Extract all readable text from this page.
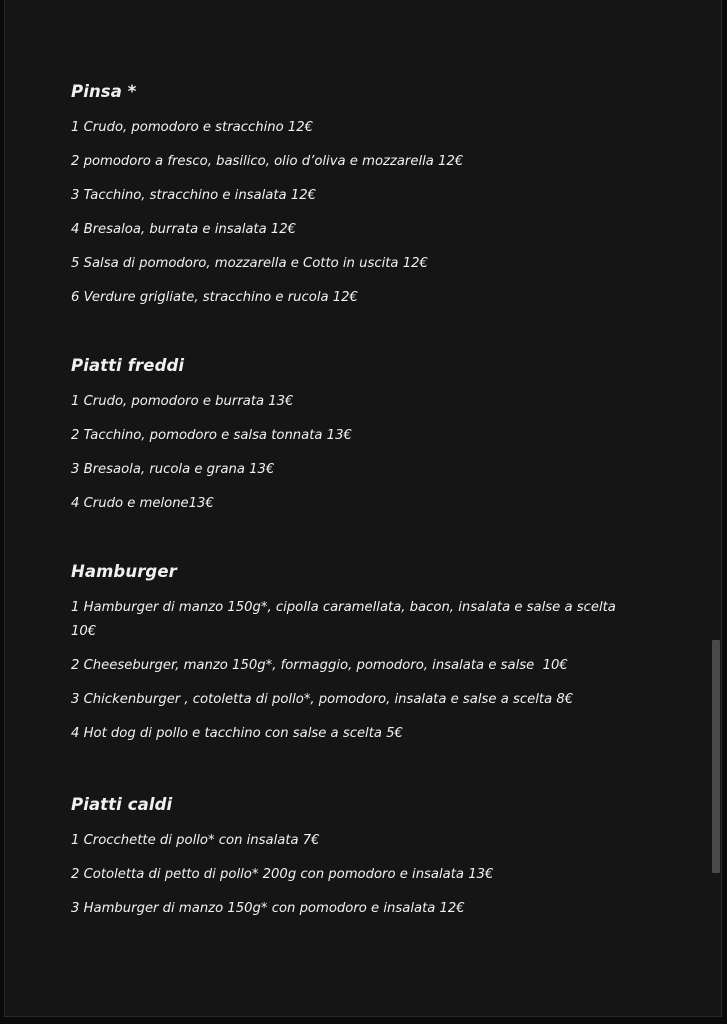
Pinsa *
1 Crudo, pomodoro e stracchino 12€
2 pomodoro a fresco, basilico, olio d’oliva e mozzarella 12€
3 Tacchino, stracchino e insalata 12€
4 Bresaloa, burrata e insalata 12€
5 Salsa di pomodoro, mozzarella e Cotto in uscita 12€
6 Verdure grigliate, stracchino e rucola 12€
Piatti freddi
1 Crudo, pomodoro e burrata 13€
2 Tacchino, pomodoro e salsa tonnata 13€
3 Bresaola, rucola e grana 13€
4 Crudo e melone13€
Hamburger
1 Hamburger di manzo 150g*, cipolla caramellata, bacon, insalata e salse a scelta 10€
2 Cheeseburger, manzo 150g*, formaggio, pomodoro, insalata e salse  10€
3 Chickenburger , cotoletta di pollo*, pomodoro, insalata e salse a scelta 8€
4 Hot dog di pollo e tacchino con salse a scelta 5€
Piatti caldi
1 Crocchette di pollo* con insalata 7€
2 Cotoletta di petto di pollo* 200g con pomodoro e insalata 13€
3 Hamburger di manzo 150g* con pomodoro e insalata 12€
